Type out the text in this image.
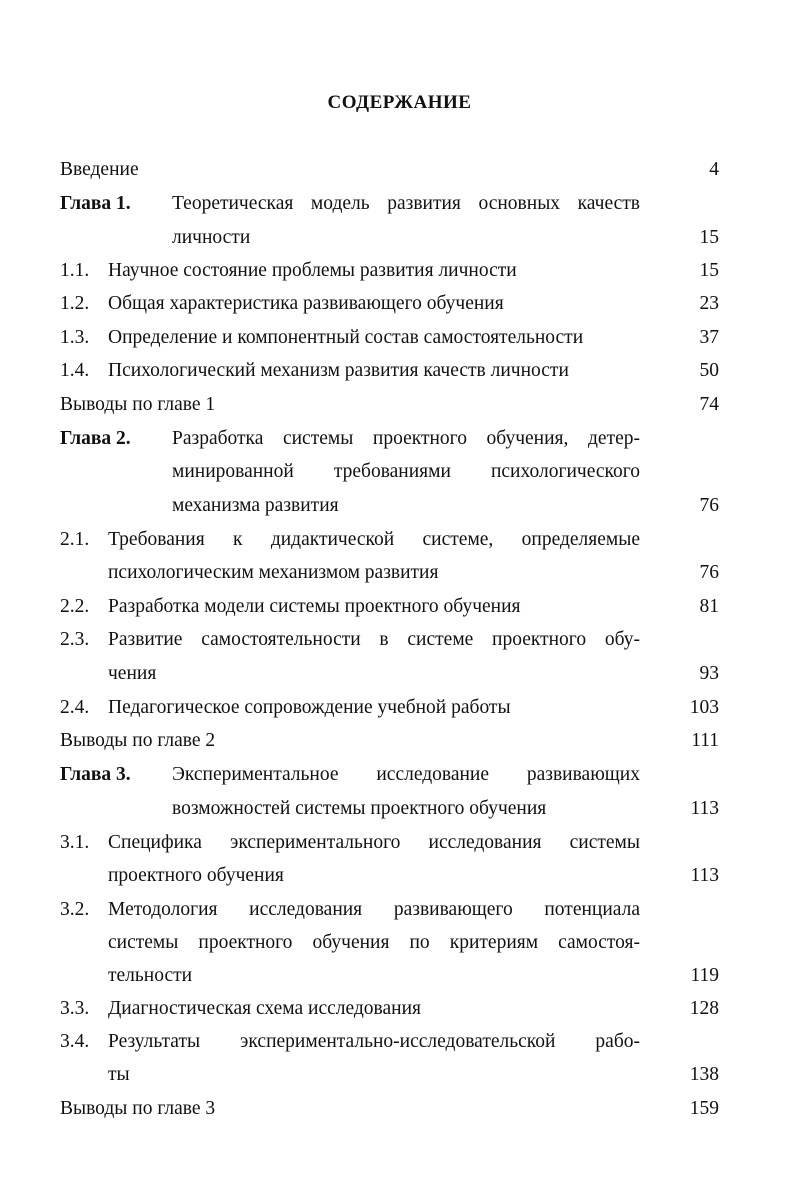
СОДЕРЖАНИЕ
Введение	4
Глава 1. Теоретическая модель развития основных качеств
личности	15
1.1. Научное состояние проблемы развития личности	15
1.2. Общая характеристика развивающего обучения	23
1.3. Определение и компонентный состав самостоятельности	37
1.4. Психологический механизм развития качеств личности	50
Выводы по главе 1	74
Глава 2. Разработка системы проектного обучения, детер-
минированной требованиями психологического
механизма развития	76
2.1. Требования к дидактической системе, определяемые
психологическим механизмом развития	76
2.2. Разработка модели системы проектного обучения	81
2.3. Развитие самостоятельности в системе проектного обу-
чения	93
2.4. Педагогическое сопровождение учебной работы	103
Выводы по главе 2	111
Глава 3. Экспериментальное исследование развивающих
возможностей системы проектного обучения	113
3.1. Специфика экспериментального исследования системы
проектного обучения	113
3.2. Методология исследования развивающего потенциала
системы проектного обучения по критериям самостоя-
тельности	119
3.3. Диагностическая схема исследования	128
3.4. Результаты экспериментально-исследовательской рабо-
ты	138
Выводы по главе 3	159
